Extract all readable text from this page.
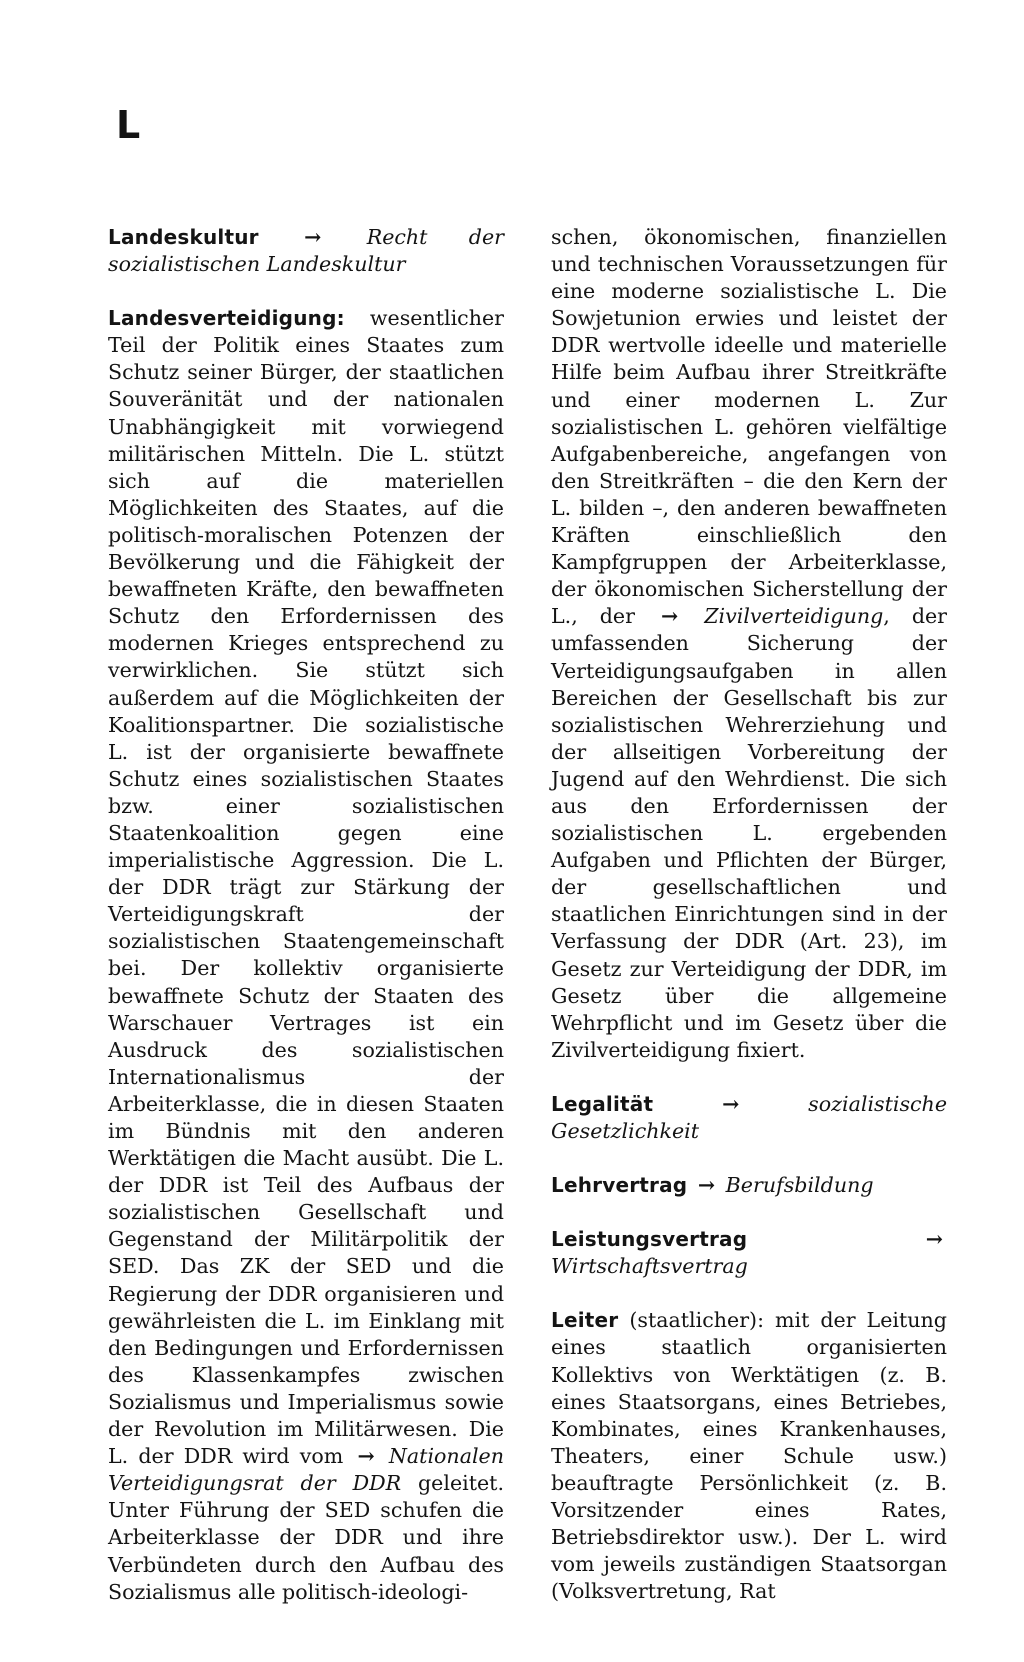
L

Landeskultur → Recht der sozialistischen Landeskultur

Landesverteidigung: wesentlicher Teil der Politik eines Staates zum Schutz seiner Bürger, der staatlichen Souveränität und der nationalen Unabhängigkeit mit vorwiegend militärischen Mitteln. Die L. stützt sich auf die materiellen Möglichkeiten des Staates, auf die politisch-moralischen Potenzen der Bevölkerung und die Fähigkeit der bewaffneten Kräfte, den bewaffneten Schutz den Erfordernissen des modernen Krieges entsprechend zu verwirklichen. Sie stützt sich außerdem auf die Möglichkeiten der Koalitionspartner. Die sozialistische L. ist der organisierte bewaffnete Schutz eines sozialistischen Staates bzw. einer sozialistischen Staatenkoalition gegen eine imperialistische Aggression. Die L. der DDR trägt zur Stärkung der Verteidigungskraft der sozialistischen Staatengemeinschaft bei. Der kollektiv organisierte bewaffnete Schutz der Staaten des Warschauer Vertrages ist ein Ausdruck des sozialistischen Internationalismus der Arbeiterklasse, die in diesen Staaten im Bündnis mit den anderen Werktätigen die Macht ausübt. Die L. der DDR ist Teil des Aufbaus der sozialistischen Gesellschaft und Gegenstand der Militärpolitik der SED. Das ZK der SED und die Regierung der DDR organisieren und gewährleisten die L. im Einklang mit den Bedingungen und Erfordernissen des Klassenkampfes zwischen Sozialismus und Imperialismus sowie der Revolution im Militärwesen. Die L. der DDR wird vom → Nationalen Verteidigungsrat der DDR geleitet. Unter Führung der SED schufen die Arbeiterklasse der DDR und ihre Verbündeten durch den Aufbau des Sozialismus alle politisch-ideologi-

schen, ökonomischen, finanziellen und technischen Voraussetzungen für eine moderne sozialistische L. Die Sowjetunion erwies und leistet der DDR wertvolle ideelle und materielle Hilfe beim Aufbau ihrer Streitkräfte und einer modernen L. Zur sozialistischen L. gehören vielfältige Aufgabenbereiche, angefangen von den Streitkräften – die den Kern der L. bilden –, den anderen bewaffneten Kräften einschließlich den Kampfgruppen der Arbeiterklasse, der ökonomischen Sicherstellung der L., der → Zivilverteidigung, der umfassenden Sicherung der Verteidigungsaufgaben in allen Bereichen der Gesellschaft bis zur sozialistischen Wehrerziehung und der allseitigen Vorbereitung der Jugend auf den Wehrdienst. Die sich aus den Erfordernissen der sozialistischen L. ergebenden Aufgaben und Pflichten der Bürger, der gesellschaftlichen und staatlichen Einrichtungen sind in der Verfassung der DDR (Art. 23), im Gesetz zur Verteidigung der DDR, im Gesetz über die allgemeine Wehrpflicht und im Gesetz über die Zivilverteidigung fixiert.

Legalität	→	sozialistische Gesetzlichkeit

Lehrvertrag → Berufsbildung

Leistungsvertrag	→ Wirtschaftsvertrag

Leiter (staatlicher): mit der Leitung eines staatlich organisierten Kollektivs von Werktätigen (z. B. eines Staatsorgans, eines Betriebes, Kombinates, eines Krankenhauses, Theaters, einer Schule usw.) beauftragte Persönlichkeit (z. B. Vorsitzender eines Rates, Betriebsdirektor usw.). Der L. wird vom jeweils zuständigen Staatsorgan (Volksvertretung, Rat
